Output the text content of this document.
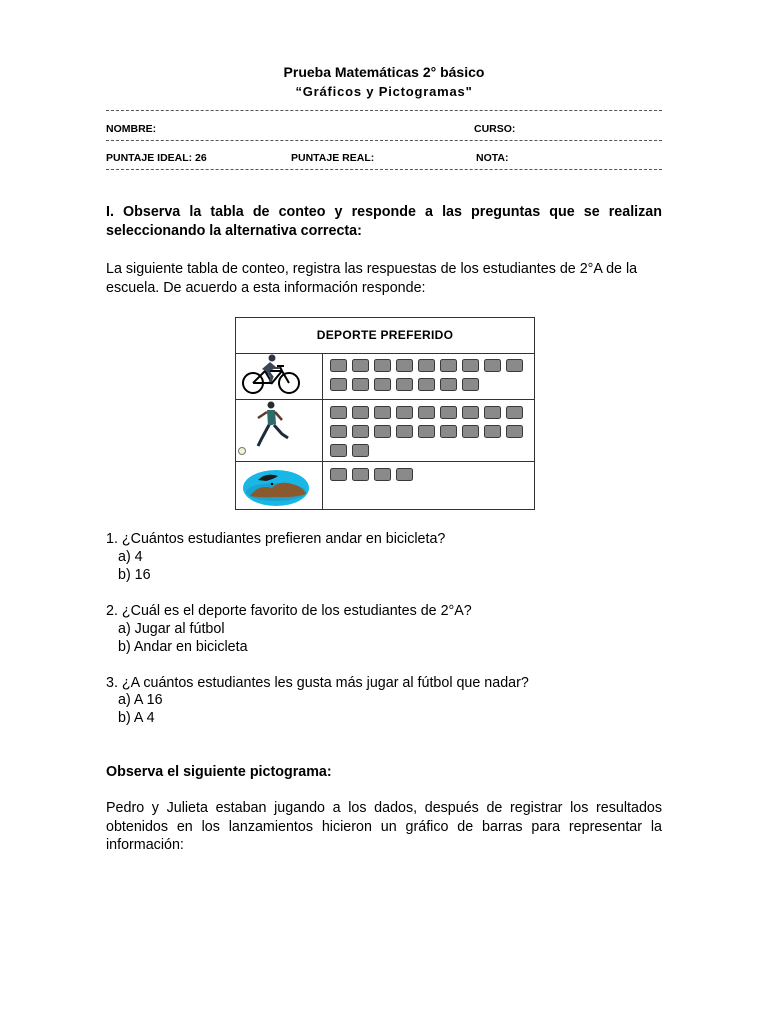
Prueba Matemáticas 2° básico
“Gráficos y Pictogramas"
NOMBRE:	CURSO:
PUNTAJE IDEAL: 26	PUNTAJE REAL:	NOTA:
I. Observa la tabla de conteo y responde a las preguntas que se realizan seleccionando la alternativa correcta:
La siguiente tabla de conteo, registra las respuestas de los estudiantes de 2°A de la escuela. De acuerdo a esta información responde:
DEPORTE PREFERIDO
1. ¿Cuántos estudiantes prefieren andar en bicicleta?
a) 4
b) 16
2. ¿Cuál es el deporte favorito de los estudiantes de 2°A?
a) Jugar al fútbol
b) Andar en bicicleta
3. ¿A cuántos estudiantes les gusta más jugar al fútbol que nadar?
a) A 16
b) A 4
Observa el siguiente pictograma:
Pedro y Julieta estaban jugando a los dados, después de registrar los resultados obtenidos en los lanzamientos hicieron un gráfico de barras para representar la información:
